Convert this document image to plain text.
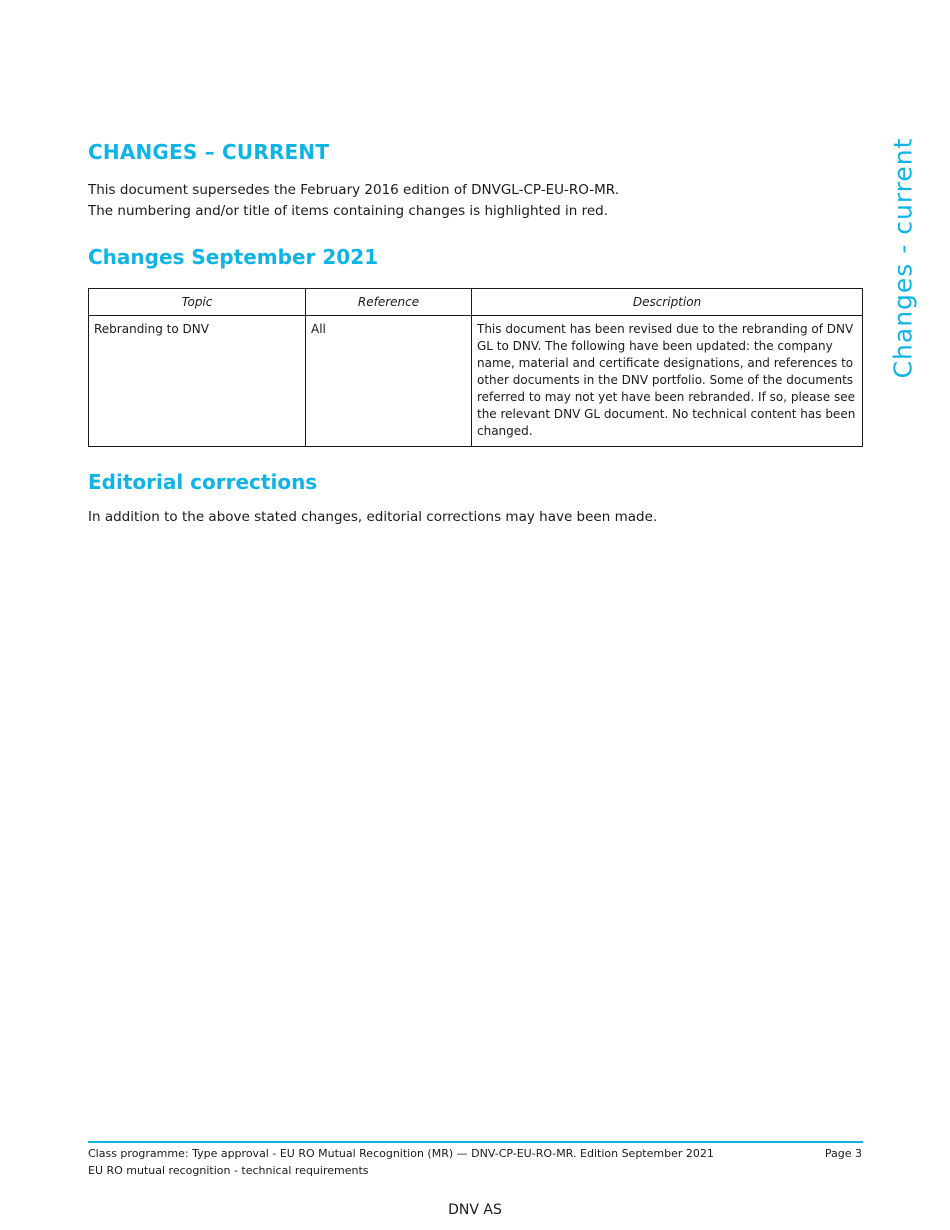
CHANGES – CURRENT

This document supersedes the February 2016 edition of DNVGL-CP-EU-RO-MR.

The numbering and/or title of items containing changes is highlighted in red.

Changes September 2021
Topic	Reference	Description
Rebranding to DNV	All	This document has been revised due to the rebranding of DNV GL to DNV. The following have been updated: the company name, material and certificate designations, and references to other documents in the DNV portfolio. Some of the documents referred to may not yet have been rebranded. If so, please see the relevant DNV GL document. No technical content has been changed.
Editorial corrections
In addition to the above stated changes, editorial corrections may have been made.
Changes - current
Class programme: Type approval - EU RO Mutual Recognition (MR) — DNV-CP-EU-RO-MR. Edition September 2021	Page 3
EU RO mutual recognition - technical requirements
DNV AS
